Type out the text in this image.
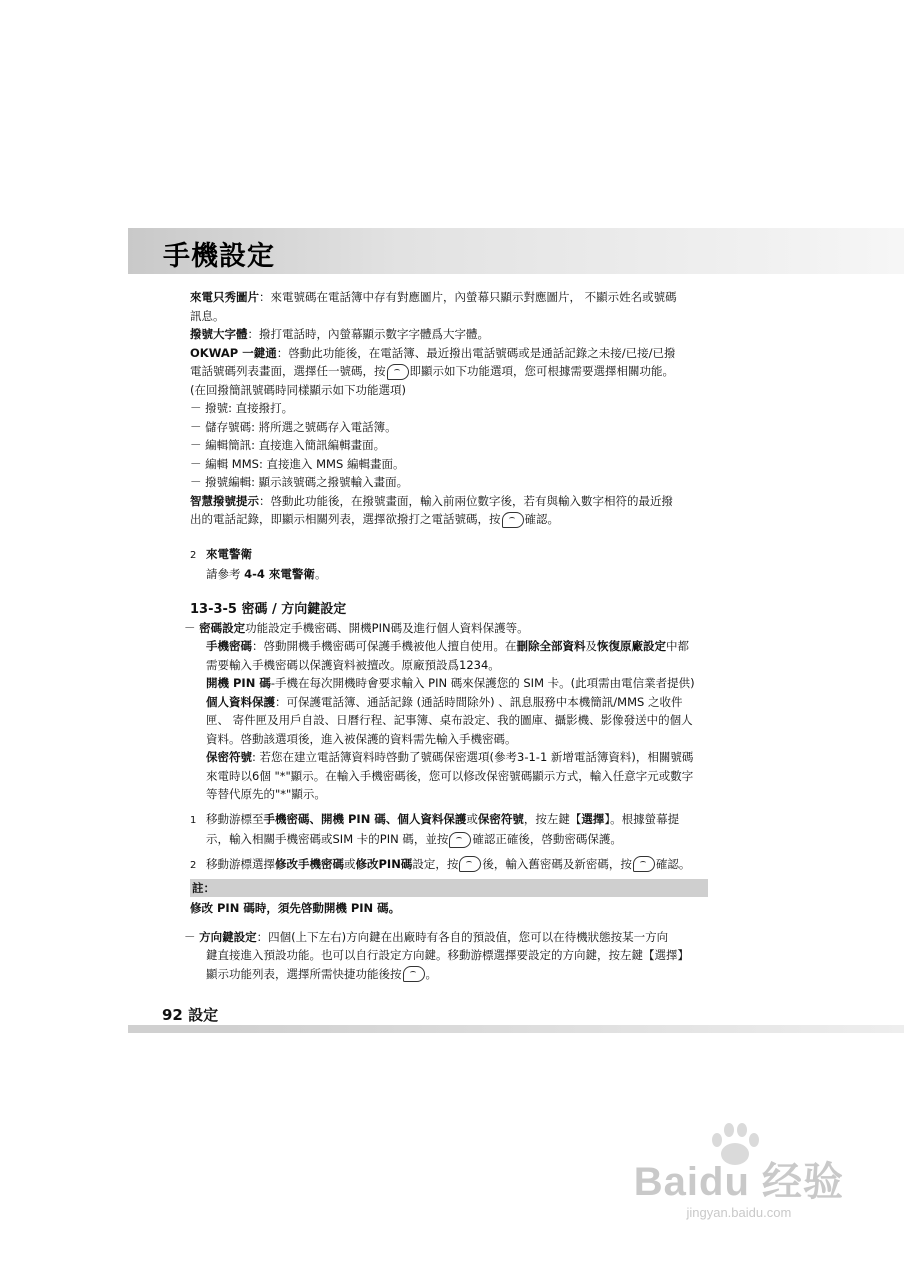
手機設定

來電只秀圖片：來電號碼在電話簿中存有對應圖片，內螢幕只顯示對應圖片， 不顯示姓名或號碼

訊息。

撥號大字體：撥打電話時，內螢幕顯示數字字體爲大字體。

OKWAP 一鍵通：啓動此功能後，在電話簿、最近撥出電話號碼或是通話記錄之未接/已接/已撥

電話號碼列表畫面，選擇任一號碼，按 即顯示如下功能選項，您可根據需要選擇相關功能。

(在回撥簡訊號碼時同樣顯示如下功能選項)

－ 撥號: 直接撥打。

－ 儲存號碼: 將所選之號碼存入電話簿。

－ 編輯簡訊: 直接進入簡訊編輯畫面。

－ 編輯 MMS: 直接進入 MMS 編輯畫面。

－ 撥號編輯: 顯示該號碼之撥號輸入畫面。

智慧撥號提示：啓動此功能後，在撥號畫面，輸入前兩位數字後，若有與輸入數字相符的最近撥

出的電話記錄，即顯示相關列表，選擇欲撥打之電話號碼，按 確認。

2 來電警衛

請參考 4-4 來電警衛。

13-3-5 密碼 / 方向鍵設定

－ 密碼設定功能設定手機密碼、開機PIN碼及進行個人資料保護等。

手機密碼：啓動開機手機密碼可保護手機被他人擅自使用。在刪除全部資料及恢復原廠設定中都

需要輸入手機密碼以保護資料被擅改。原廠預設爲1234。

開機 PIN 碼-手機在每次開機時會要求輸入 PIN 碼來保護您的 SIM 卡。(此項需由電信業者提供)

個人資料保護：可保護電話簿、通話記錄 (通話時間除外) 、訊息服務中本機簡訊/MMS 之收件

匣、 寄件匣及用戶自設、日曆行程、記事簿、桌布設定、我的圖庫、攝影機、影像發送中的個人

資料。啓動該選項後，進入被保護的資料需先輸入手機密碼。

保密符號: 若您在建立電話簿資料時啓動了號碼保密選項(參考3-1-1 新增電話簿資料)，相關號碼

來電時以6個 "*"顯示。在輸入手機密碼後，您可以修改保密號碼顯示方式，輸入任意字元或數字

等替代原先的"*"顯示。

1 移動游標至手機密碼、開機 PIN 碼、個人資料保護或保密符號，按左鍵【選擇】。根據螢幕提

示，輸入相關手機密碼或SIM 卡的PIN 碼，並按 確認正確後，啓動密碼保護。

2 移動游標選擇修改手機密碼或修改PIN碼設定，按 後，輸入舊密碼及新密碼，按 確認。

註：

修改 PIN 碼時，須先啓動開機 PIN 碼。

－ 方向鍵設定：四個(上下左右)方向鍵在出廠時有各自的預設值，您可以在待機狀態按某一方向

鍵直接進入預設功能。也可以自行設定方向鍵。移動游標選擇要設定的方向鍵，按左鍵【選擇】

顯示功能列表，選擇所需快捷功能後按 。

92 設定
Baidu 经验
jingyan.baidu.com
